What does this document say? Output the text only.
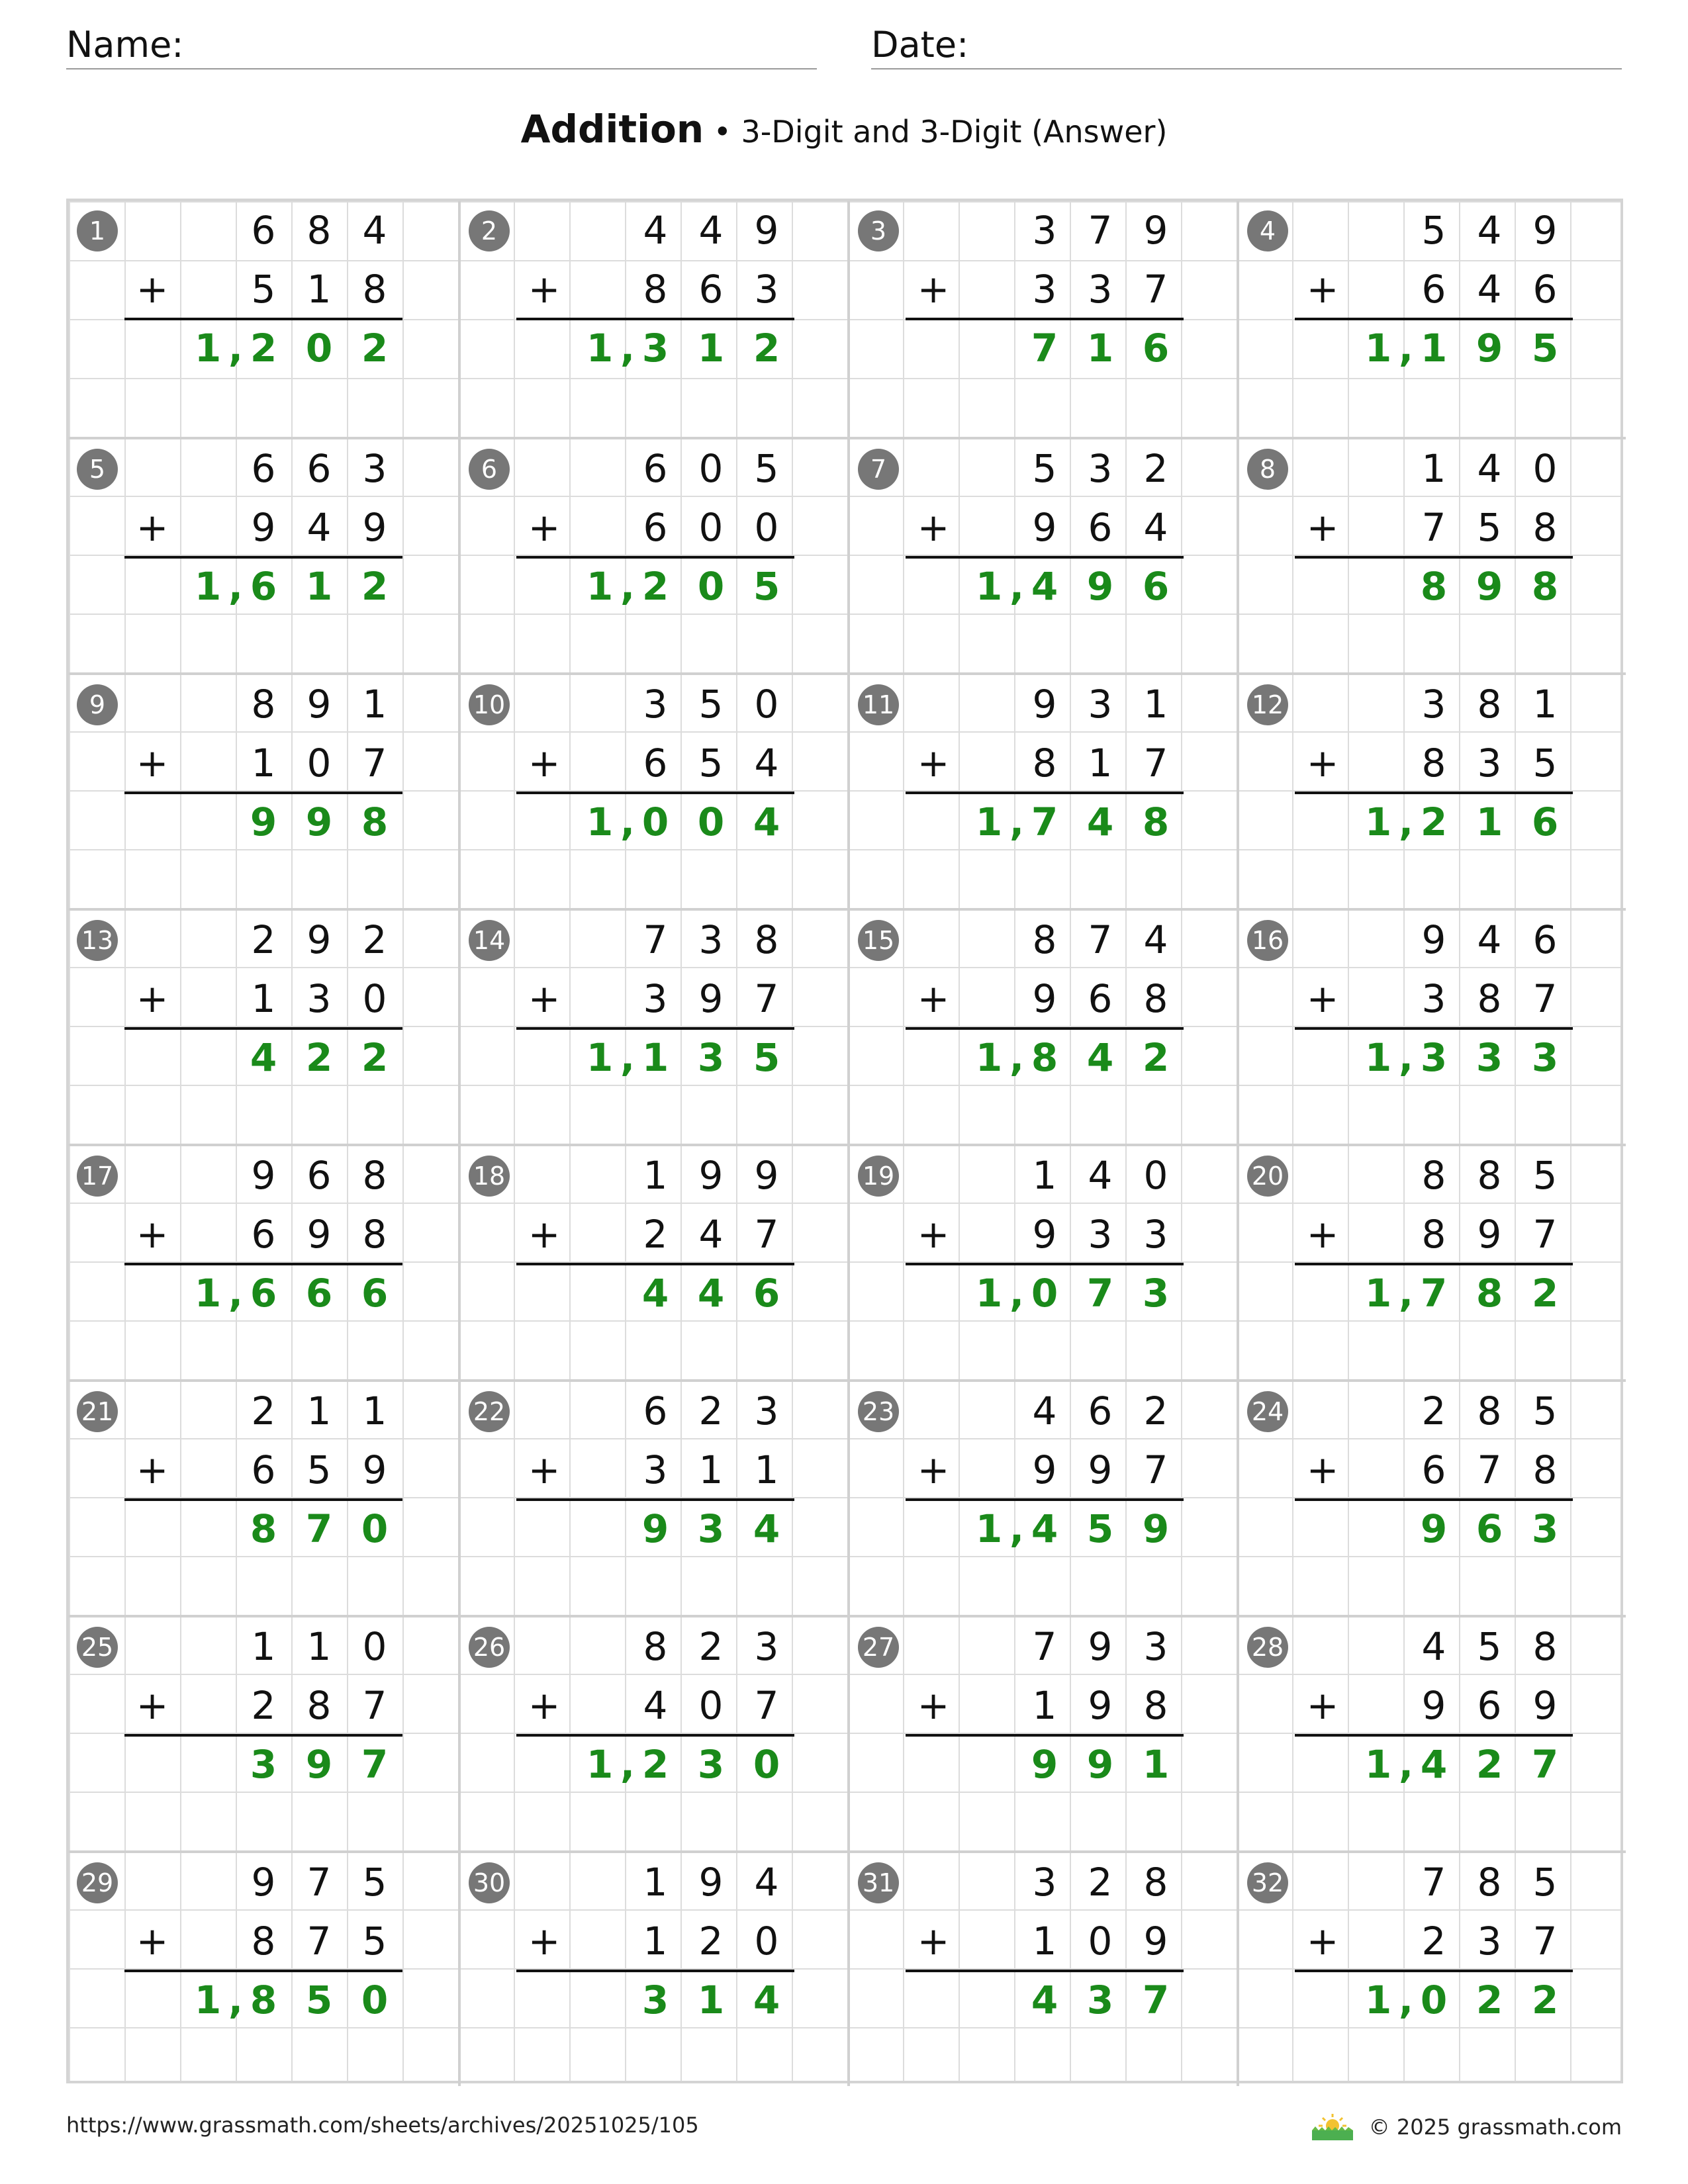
Name:	Date:
Addition • 3-Digit and 3-Digit (Answer)
1	6 8 4
5 1 8
+
1 , 2 0 2
2	4 4 9
8 6 3
+
1 , 3 1 2
3	3 7 9
3 3 7
+
7 1 6
4	5 4 9
6 4 6
+
1 , 1 9 5
5	6 6 3
9 4 9
+
1 , 6 1 2
6	6 0 5
6 0 0
+
1 , 2 0 5
7	5 3 2
9 6 4
+
1 , 4 9 6
8	1 4 0
7 5 8
+
8 9 8
9	8 9 1
1 0 7
+
9 9 8
10	3 5 0
6 5 4
+
1 , 0 0 4
11	9 3 1
8 1 7
+
1 , 7 4 8
12	3 8 1
8 3 5
+
1 , 2 1 6
13	2 9 2
1 3 0
+
4 2 2
14	7 3 8
3 9 7
+
1 , 1 3 5
15	8 7 4
9 6 8
+
1 , 8 4 2
16	9 4 6
3 8 7
+
1 , 3 3 3
17	9 6 8
6 9 8
+
1 , 6 6 6
18	1 9 9
2 4 7
+
4 4 6
19	1 4 0
9 3 3
+
1 , 0 7 3
20	8 8 5
8 9 7
+
1 , 7 8 2
21	2 1 1
6 5 9
+
8 7 0
22	6 2 3
3 1 1
+
9 3 4
23	4 6 2
9 9 7
+
1 , 4 5 9
24	2 8 5
6 7 8
+
9 6 3
25	1 1 0
2 8 7
+
3 9 7
26	8 2 3
4 0 7
+
1 , 2 3 0
27	7 9 3
1 9 8
+
9 9 1
28	4 5 8
9 6 9
+
1 , 4 2 7
29	9 7 5
8 7 5
+
1 , 8 5 0
30	1 9 4
1 2 0
+
3 1 4
31	3 2 8
1 0 9
+
4 3 7
32	7 8 5
2 3 7
+
1 , 0 2 2
https://www.grassmath.com/sheets/archives/20251025/105	© 2025 grassmath.com
